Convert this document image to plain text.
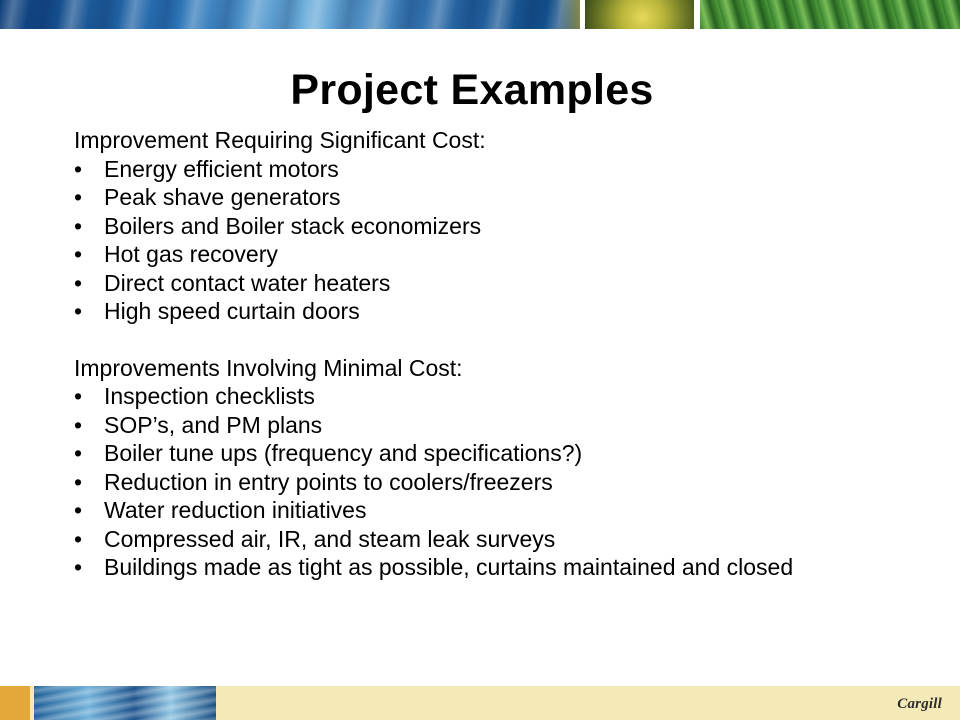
Project Examples

Improvement Requiring Significant Cost:

• Energy efficient motors
• Peak shave generators
• Boilers and Boiler stack economizers
• Hot gas recovery
• Direct contact water heaters
• High speed curtain doors

Improvements Involving Minimal Cost:

• Inspection checklists
• SOP’s, and PM plans
• Boiler tune ups (frequency and specifications?)
• Reduction in entry points to coolers/freezers
• Water reduction initiatives
• Compressed air, IR, and steam leak surveys
• Buildings made as tight as possible, curtains maintained and closed
Cargill
